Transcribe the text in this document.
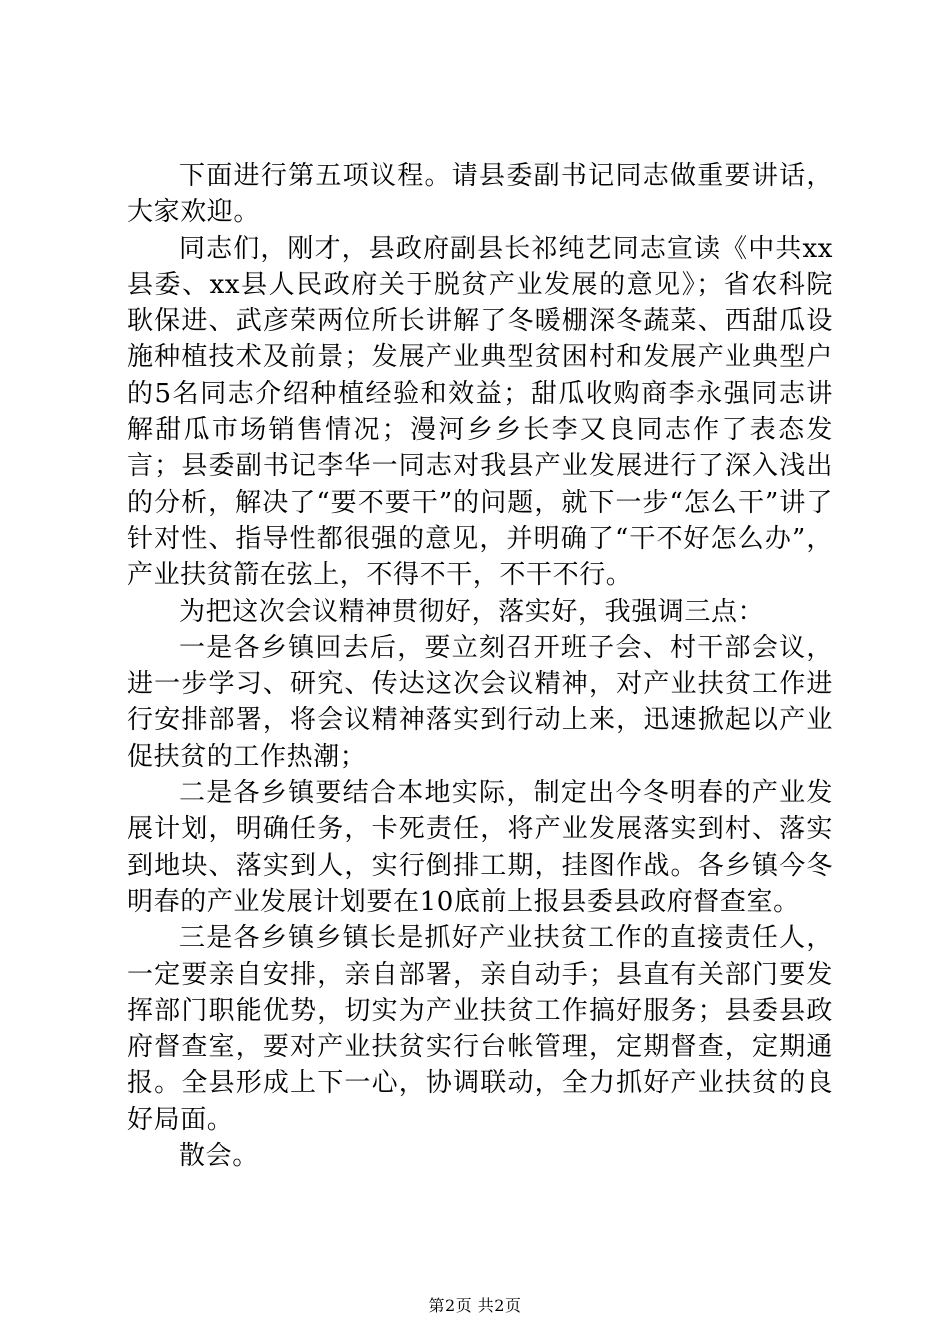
下面进行第五项议程。请县委副书记同志做重要讲话，大家欢迎。

同志们，刚才，县政府副县长祁纯艺同志宣读《中共xx县委、xx县人民政府关于脱贫产业发展的意见》；省农科院耿保进、武彦荣两位所长讲解了冬暖棚深冬蔬菜、西甜瓜设施种植技术及前景；发展产业典型贫困村和发展产业典型户的5名同志介绍种植经验和效益；甜瓜收购商李永强同志讲解甜瓜市场销售情况；漫河乡乡长李又良同志作了表态发言；县委副书记李华一同志对我县产业发展进行了深入浅出的分析，解决了“要不要干”的问题，就下一步“怎么干”讲了针对性、指导性都很强的意见，并明确了“干不好怎么办”，产业扶贫箭在弦上，不得不干，不干不行。

为把这次会议精神贯彻好，落实好，我强调三点：

一是各乡镇回去后，要立刻召开班子会、村干部会议，进一步学习、研究、传达这次会议精神，对产业扶贫工作进行安排部署，将会议精神落实到行动上来，迅速掀起以产业促扶贫的工作热潮；

二是各乡镇要结合本地实际，制定出今冬明春的产业发展计划，明确任务，卡死责任，将产业发展落实到村、落实到地块、落实到人，实行倒排工期，挂图作战。各乡镇今冬明春的产业发展计划要在10底前上报县委县政府督查室。

三是各乡镇乡镇长是抓好产业扶贫工作的直接责任人，一定要亲自安排，亲自部署，亲自动手；县直有关部门要发挥部门职能优势，切实为产业扶贫工作搞好服务；县委县政府督查室，要对产业扶贫实行台帐管理，定期督查，定期通报。全县形成上下一心，协调联动，全力抓好产业扶贫的良好局面。

散会。

第2页 共2页
